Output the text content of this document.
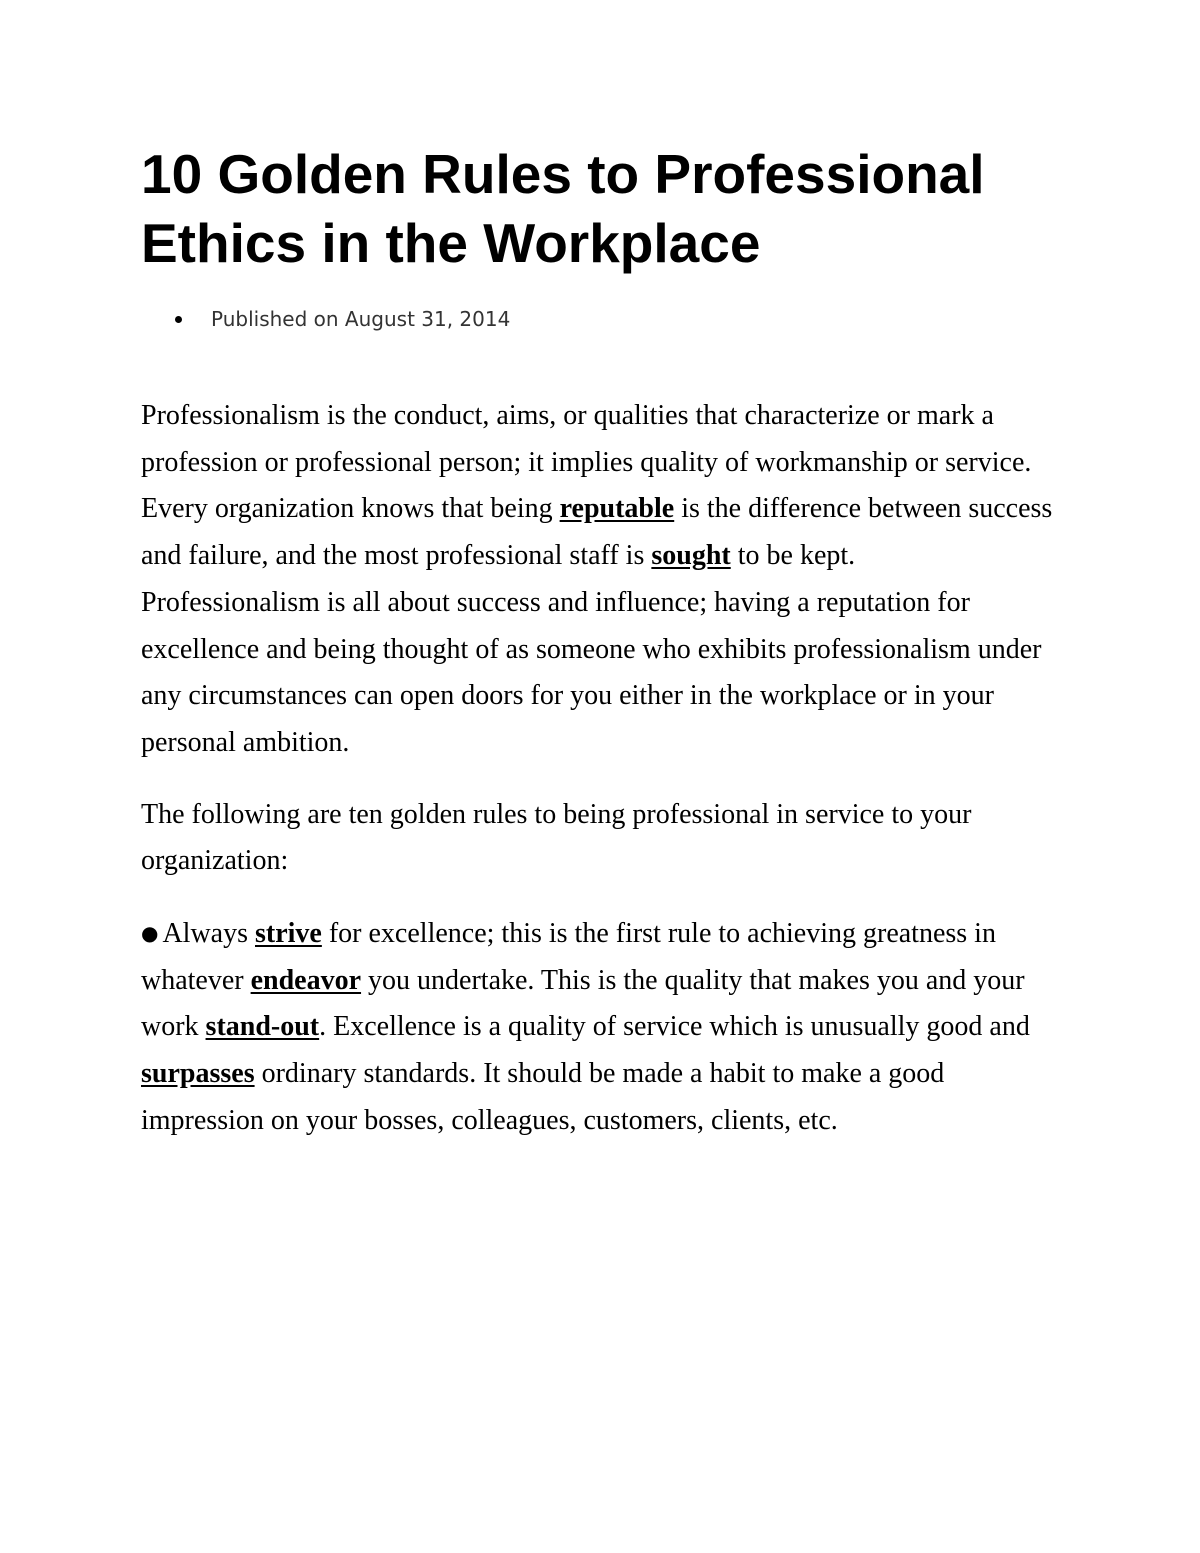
10 Golden Rules to Professional Ethics in the Workplace
Published on August 31, 2014

Professionalism is the conduct, aims, or qualities that characterize or mark a profession or professional person; it implies quality of workmanship or service. Every organization knows that being reputable is the difference between success and failure, and the most professional staff is sought to be kept.
Professionalism is all about success and influence; having a reputation for excellence and being thought of as someone who exhibits professionalism under any circumstances can open doors for you either in the workplace or in your personal ambition.

The following are ten golden rules to being professional in service to your organization:

● Always strive for excellence; this is the first rule to achieving greatness in whatever endeavor you undertake. This is the quality that makes you and your work stand-out. Excellence is a quality of service which is unusually good and surpasses ordinary standards. It should be made a habit to make a good impression on your bosses, colleagues, customers, clients, etc.
